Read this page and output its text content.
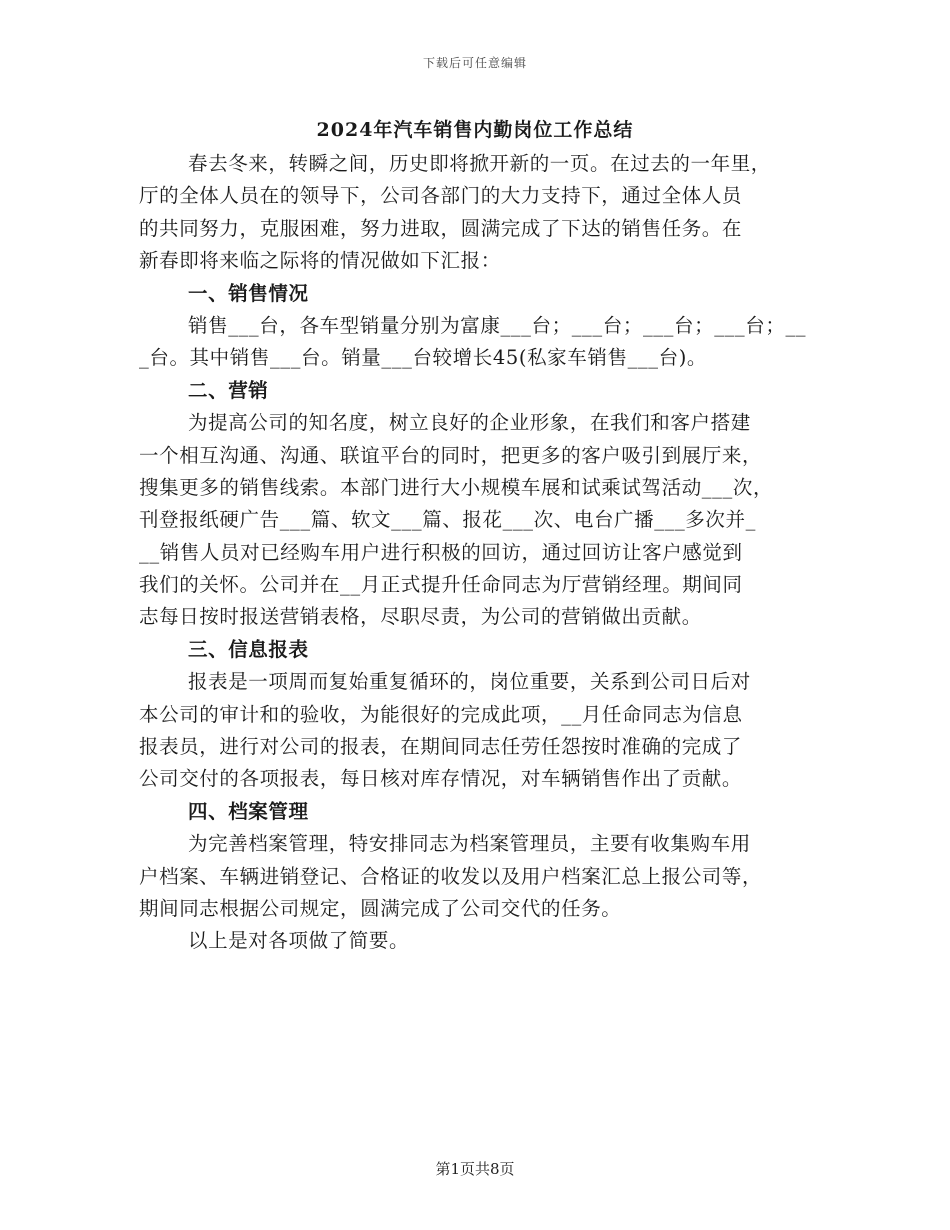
下载后可任意编辑
2024年汽车销售内勤岗位工作总结
春去冬来，转瞬之间，历史即将掀开新的一页。在过去的一年里，
厅的全体人员在的领导下，公司各部门的大力支持下，通过全体人员
的共同努力，克服困难，努力进取，圆满完成了下达的销售任务。在
新春即将来临之际将的情况做如下汇报：
一、销售情况
销售___台，各车型销量分别为富康___台；___台；___台；___台；__
_台。其中销售___台。销量___台较增长45(私家车销售___台)。
二、营销
为提高公司的知名度，树立良好的企业形象，在我们和客户搭建
一个相互沟通、沟通、联谊平台的同时，把更多的客户吸引到展厅来，
搜集更多的销售线索。本部门进行大小规模车展和试乘试驾活动___次，
刊登报纸硬广告___篇、软文___篇、报花___次、电台广播___多次并_
__销售人员对已经购车用户进行积极的回访，通过回访让客户感觉到
我们的关怀。公司并在__月正式提升任命同志为厅营销经理。期间同
志每日按时报送营销表格，尽职尽责，为公司的营销做出贡献。
三、信息报表
报表是一项周而复始重复循环的，岗位重要，关系到公司日后对
本公司的审计和的验收，为能很好的完成此项，__月任命同志为信息
报表员，进行对公司的报表，在期间同志任劳任怨按时准确的完成了
公司交付的各项报表，每日核对库存情况，对车辆销售作出了贡献。
四、档案管理
为完善档案管理，特安排同志为档案管理员，主要有收集购车用
户档案、车辆进销登记、合格证的收发以及用户档案汇总上报公司等，
期间同志根据公司规定，圆满完成了公司交代的任务。
以上是对各项做了简要。
第1页共8页
